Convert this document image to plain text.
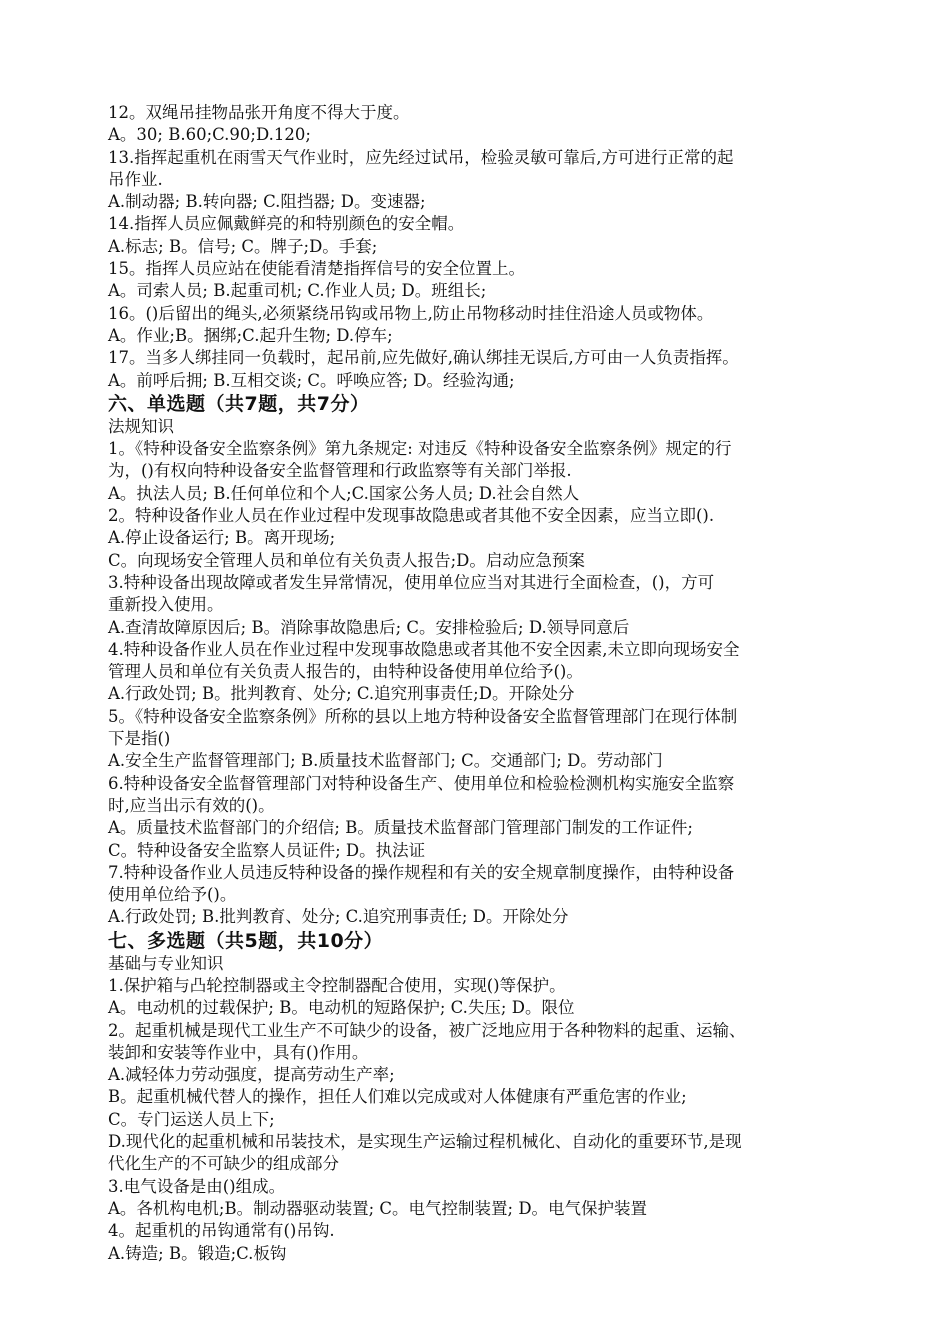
12。双绳吊挂物品张开角度不得大于度。
A。30; B.60;C.90;D.120;
13.指挥起重机在雨雪天气作业时，应先经过试吊，检验灵敏可靠后,方可进行正常的起
吊作业.
A.制动器; B.转向器; C.阻挡器; D。变速器;
14.指挥人员应佩戴鲜亮的和特别颜色的安全帽。
A.标志; B。信号; C。牌子;D。手套;
15。指挥人员应站在使能看清楚指挥信号的安全位置上。
A。司索人员; B.起重司机; C.作业人员; D。班组长;
16。()后留出的绳头,必须紧绕吊钩或吊物上,防止吊物移动时挂住沿途人员或物体。
A。作业;B。捆绑;C.起升生物; D.停车;
17。当多人绑挂同一负载时，起吊前,应先做好,确认绑挂无误后,方可由一人负责指挥。
A。前呼后拥; B.互相交谈; C。呼唤应答; D。经验沟通;
六、单选题（共7题，共7分）
法规知识
1。《特种设备安全监察条例》第九条规定: 对违反《特种设备安全监察条例》规定的行
为，()有权向特种设备安全监督管理和行政监察等有关部门举报.
A。执法人员; B.任何单位和个人;C.国家公务人员; D.社会自然人
2。特种设备作业人员在作业过程中发现事故隐患或者其他不安全因素，应当立即().
A.停止设备运行; B。离开现场;
C。向现场安全管理人员和单位有关负责人报告;D。启动应急预案
3.特种设备出现故障或者发生异常情况，使用单位应当对其进行全面检查，()，方可
重新投入使用。
A.查清故障原因后; B。消除事故隐患后; C。安排检验后; D.领导同意后
4.特种设备作业人员在作业过程中发现事故隐患或者其他不安全因素,未立即向现场安全
管理人员和单位有关负责人报告的，由特种设备使用单位给予()。
A.行政处罚; B。批判教育、处分; C.追究刑事责任;D。开除处分
5。《特种设备安全监察条例》所称的县以上地方特种设备安全监督管理部门在现行体制
下是指()
A.安全生产监督管理部门; B.质量技术监督部门; C。交通部门; D。劳动部门
6.特种设备安全监督管理部门对特种设备生产、使用单位和检验检测机构实施安全监察
时,应当出示有效的()。
A。质量技术监督部门的介绍信; B。质量技术监督部门管理部门制发的工作证件;
C。特种设备安全监察人员证件; D。执法证
7.特种设备作业人员违反特种设备的操作规程和有关的安全规章制度操作，由特种设备
使用单位给予()。
A.行政处罚; B.批判教育、处分; C.追究刑事责任; D。开除处分
七、多选题（共5题，共10分）
基础与专业知识
1.保护箱与凸轮控制器或主令控制器配合使用，实现()等保护。
A。电动机的过载保护; B。电动机的短路保护; C.失压; D。限位
2。起重机械是现代工业生产不可缺少的设备，被广泛地应用于各种物料的起重、运输、
装卸和安装等作业中，具有()作用。
A.减轻体力劳动强度，提高劳动生产率;
B。起重机械代替人的操作，担任人们难以完成或对人体健康有严重危害的作业;
C。专门运送人员上下;
D.现代化的起重机械和吊装技术，是实现生产运输过程机械化、自动化的重要环节,是现
代化生产的不可缺少的组成部分
3.电气设备是由()组成。
A。各机构电机;B。制动器驱动装置; C。电气控制装置; D。电气保护装置
4。起重机的吊钩通常有()吊钩.
A.铸造; B。锻造;C.板钩
